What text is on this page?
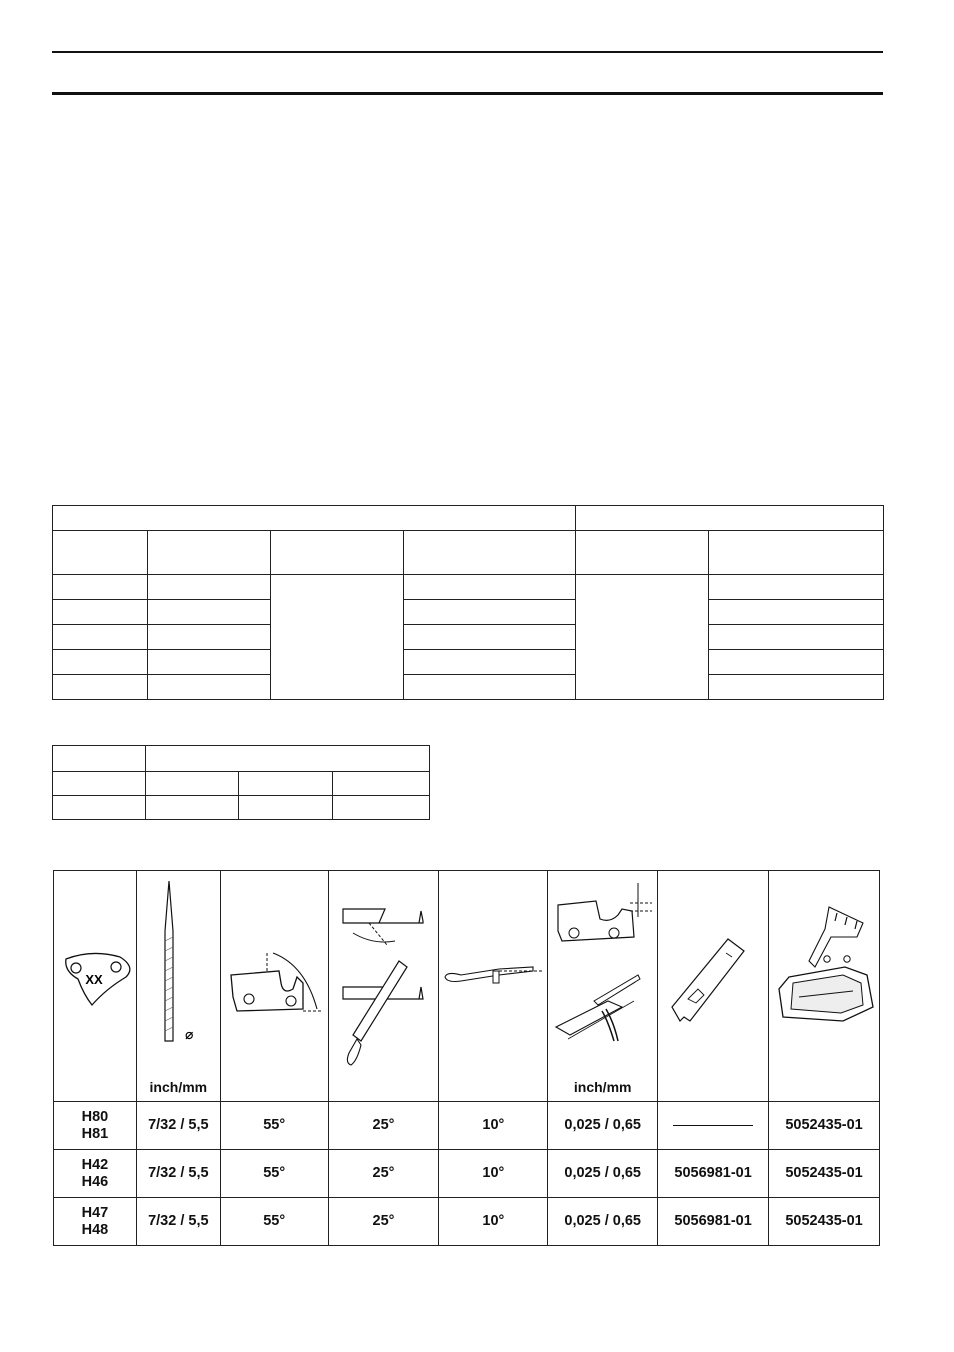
XX	⌀
inch/mm				inch/mm

H80
H81	7/32 / 5,5	55°	25°	10°	0,025 / 0,65		5052435-01
H42
H46	7/32 / 5,5	55°	25°	10°	0,025 / 0,65	5056981-01	5052435-01
H47
H48	7/32 / 5,5	55°	25°	10°	0,025 / 0,65	5056981-01	5052435-01
